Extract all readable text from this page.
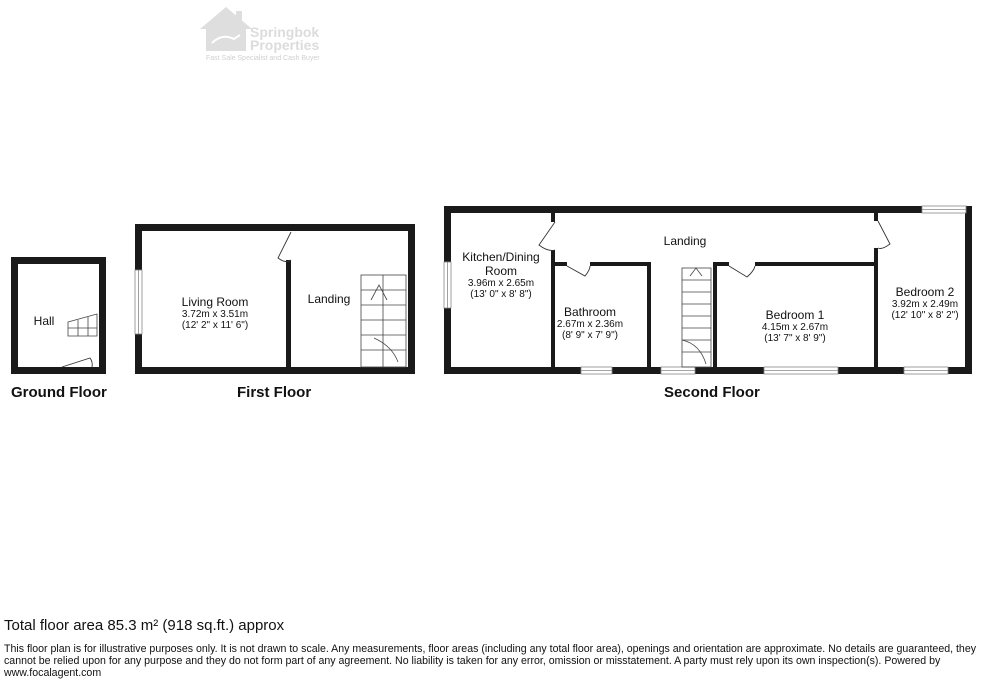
Springbok
Properties
Fast Sale Specialist and Cash Buyer
Hall
Living Room
3.72m x 3.51m
(12' 2" x 11' 6")
Landing
Kitchen/Dining
Room
3.96m x 2.65m
(13' 0" x 8' 8")
Landing
Bathroom
2.67m x 2.36m
(8' 9" x 7' 9")
Bedroom 1
4.15m x 2.67m
(13' 7" x 8' 9")
Bedroom 2
3.92m x 2.49m
(12' 10" x 8' 2")
Ground Floor	First Floor	Second Floor
Total floor area 85.3 m² (918 sq.ft.) approx
This floor plan is for illustrative purposes only. It is not drawn to scale. Any measurements, floor areas (including any total floor area), openings and orientation are approximate. No details are guaranteed, they cannot be relied upon for any purpose and they do not form part of any agreement. No liability is taken for any error, omission or misstatement. A party must rely upon its own inspection(s). Powered by www.focalagent.com
